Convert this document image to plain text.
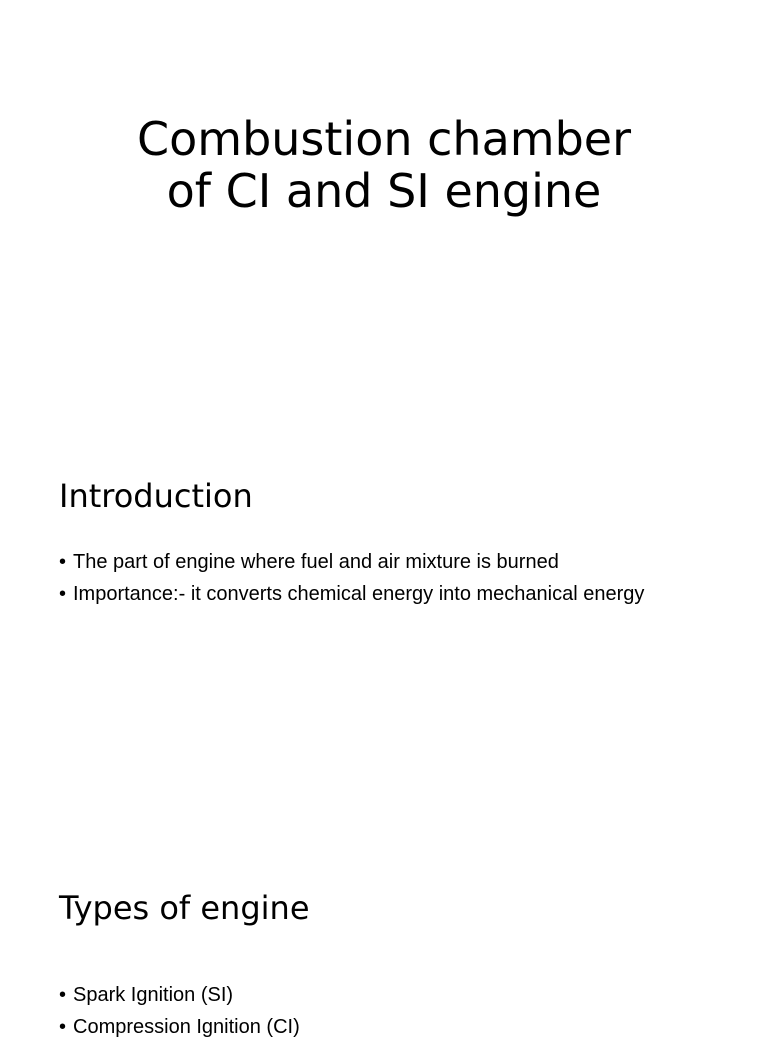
Combustion chamber
of CI and SI engine
Introduction
• The part of engine where fuel and air mixture is burned
• Importance:- it converts chemical energy into mechanical energy
Types of engine
• Spark Ignition (SI)
• Compression Ignition (CI)
